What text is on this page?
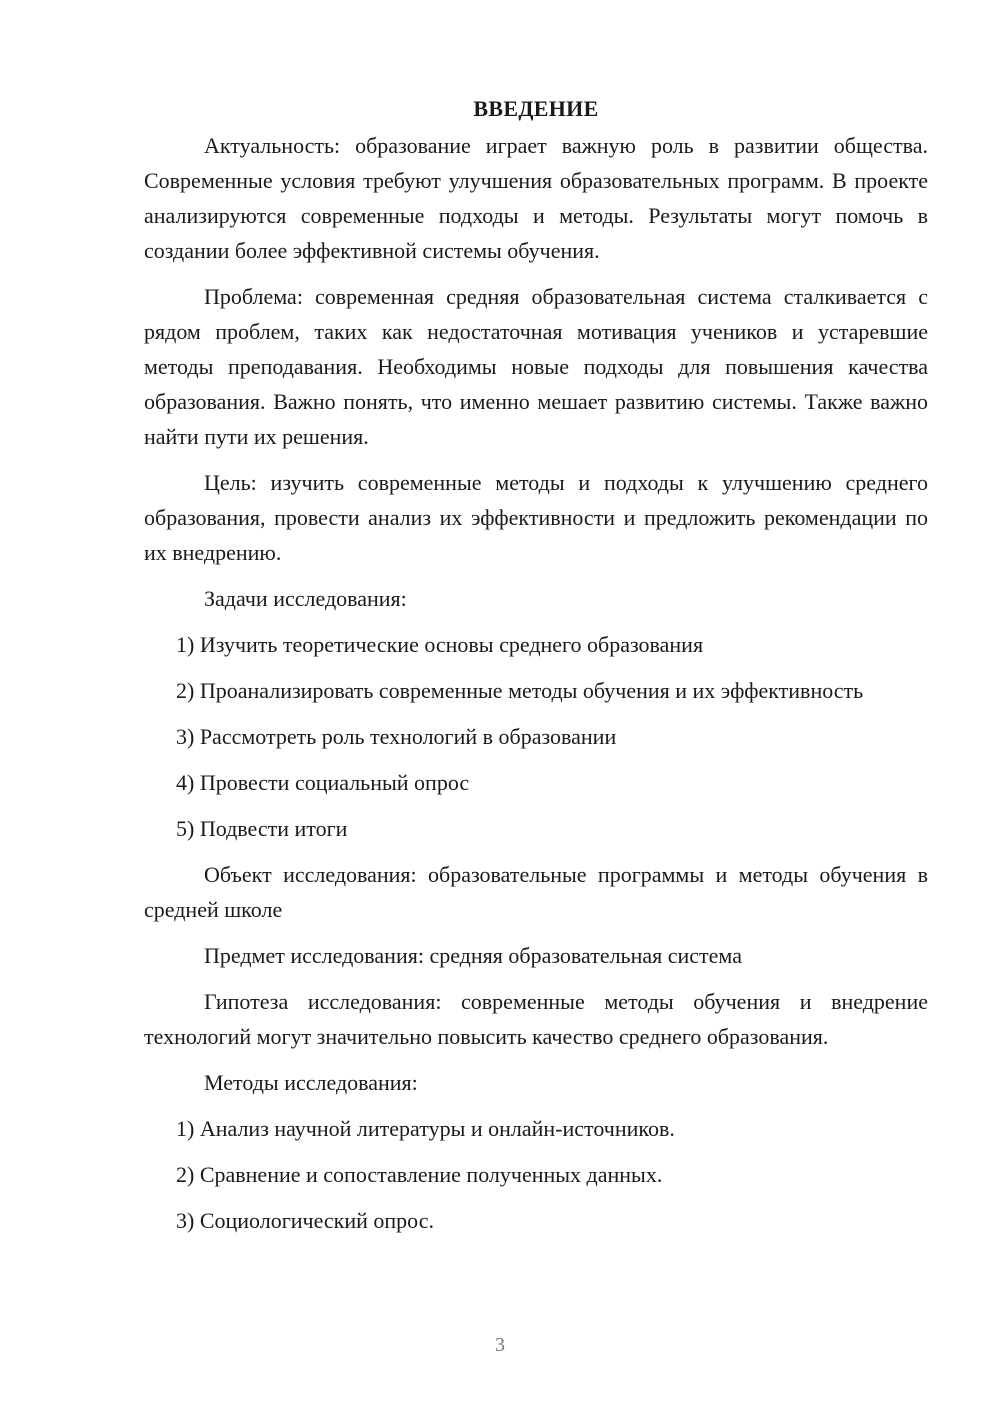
ВВЕДЕНИЕ

Актуальность: образование играет важную роль в развитии общества. Современные условия требуют улучшения образовательных программ. В проекте анализируются современные подходы и методы. Результаты могут помочь в создании более эффективной системы обучения.

Проблема: современная средняя образовательная система сталкивается с рядом проблем, таких как недостаточная мотивация учеников и устаревшие методы преподавания. Необходимы новые подходы для повышения качества образования. Важно понять, что именно мешает развитию системы. Также важно найти пути их решения.

Цель: изучить современные методы и подходы к улучшению среднего образования, провести анализ их эффективности и предложить рекомендации по их внедрению.

Задачи исследования:

1) Изучить теоретические основы среднего образования

2) Проанализировать современные методы обучения и их эффективность

3) Рассмотреть роль технологий в образовании

4) Провести социальный опрос

5) Подвести итоги

Объект исследования: образовательные программы и методы обучения в средней школе

Предмет исследования: средняя образовательная система

Гипотеза исследования: современные методы обучения и внедрение технологий могут значительно повысить качество среднего образования.

Методы исследования:

1) Анализ научной литературы и онлайн-источников.

2) Сравнение и сопоставление полученных данных.

3) Социологический опрос.

3
